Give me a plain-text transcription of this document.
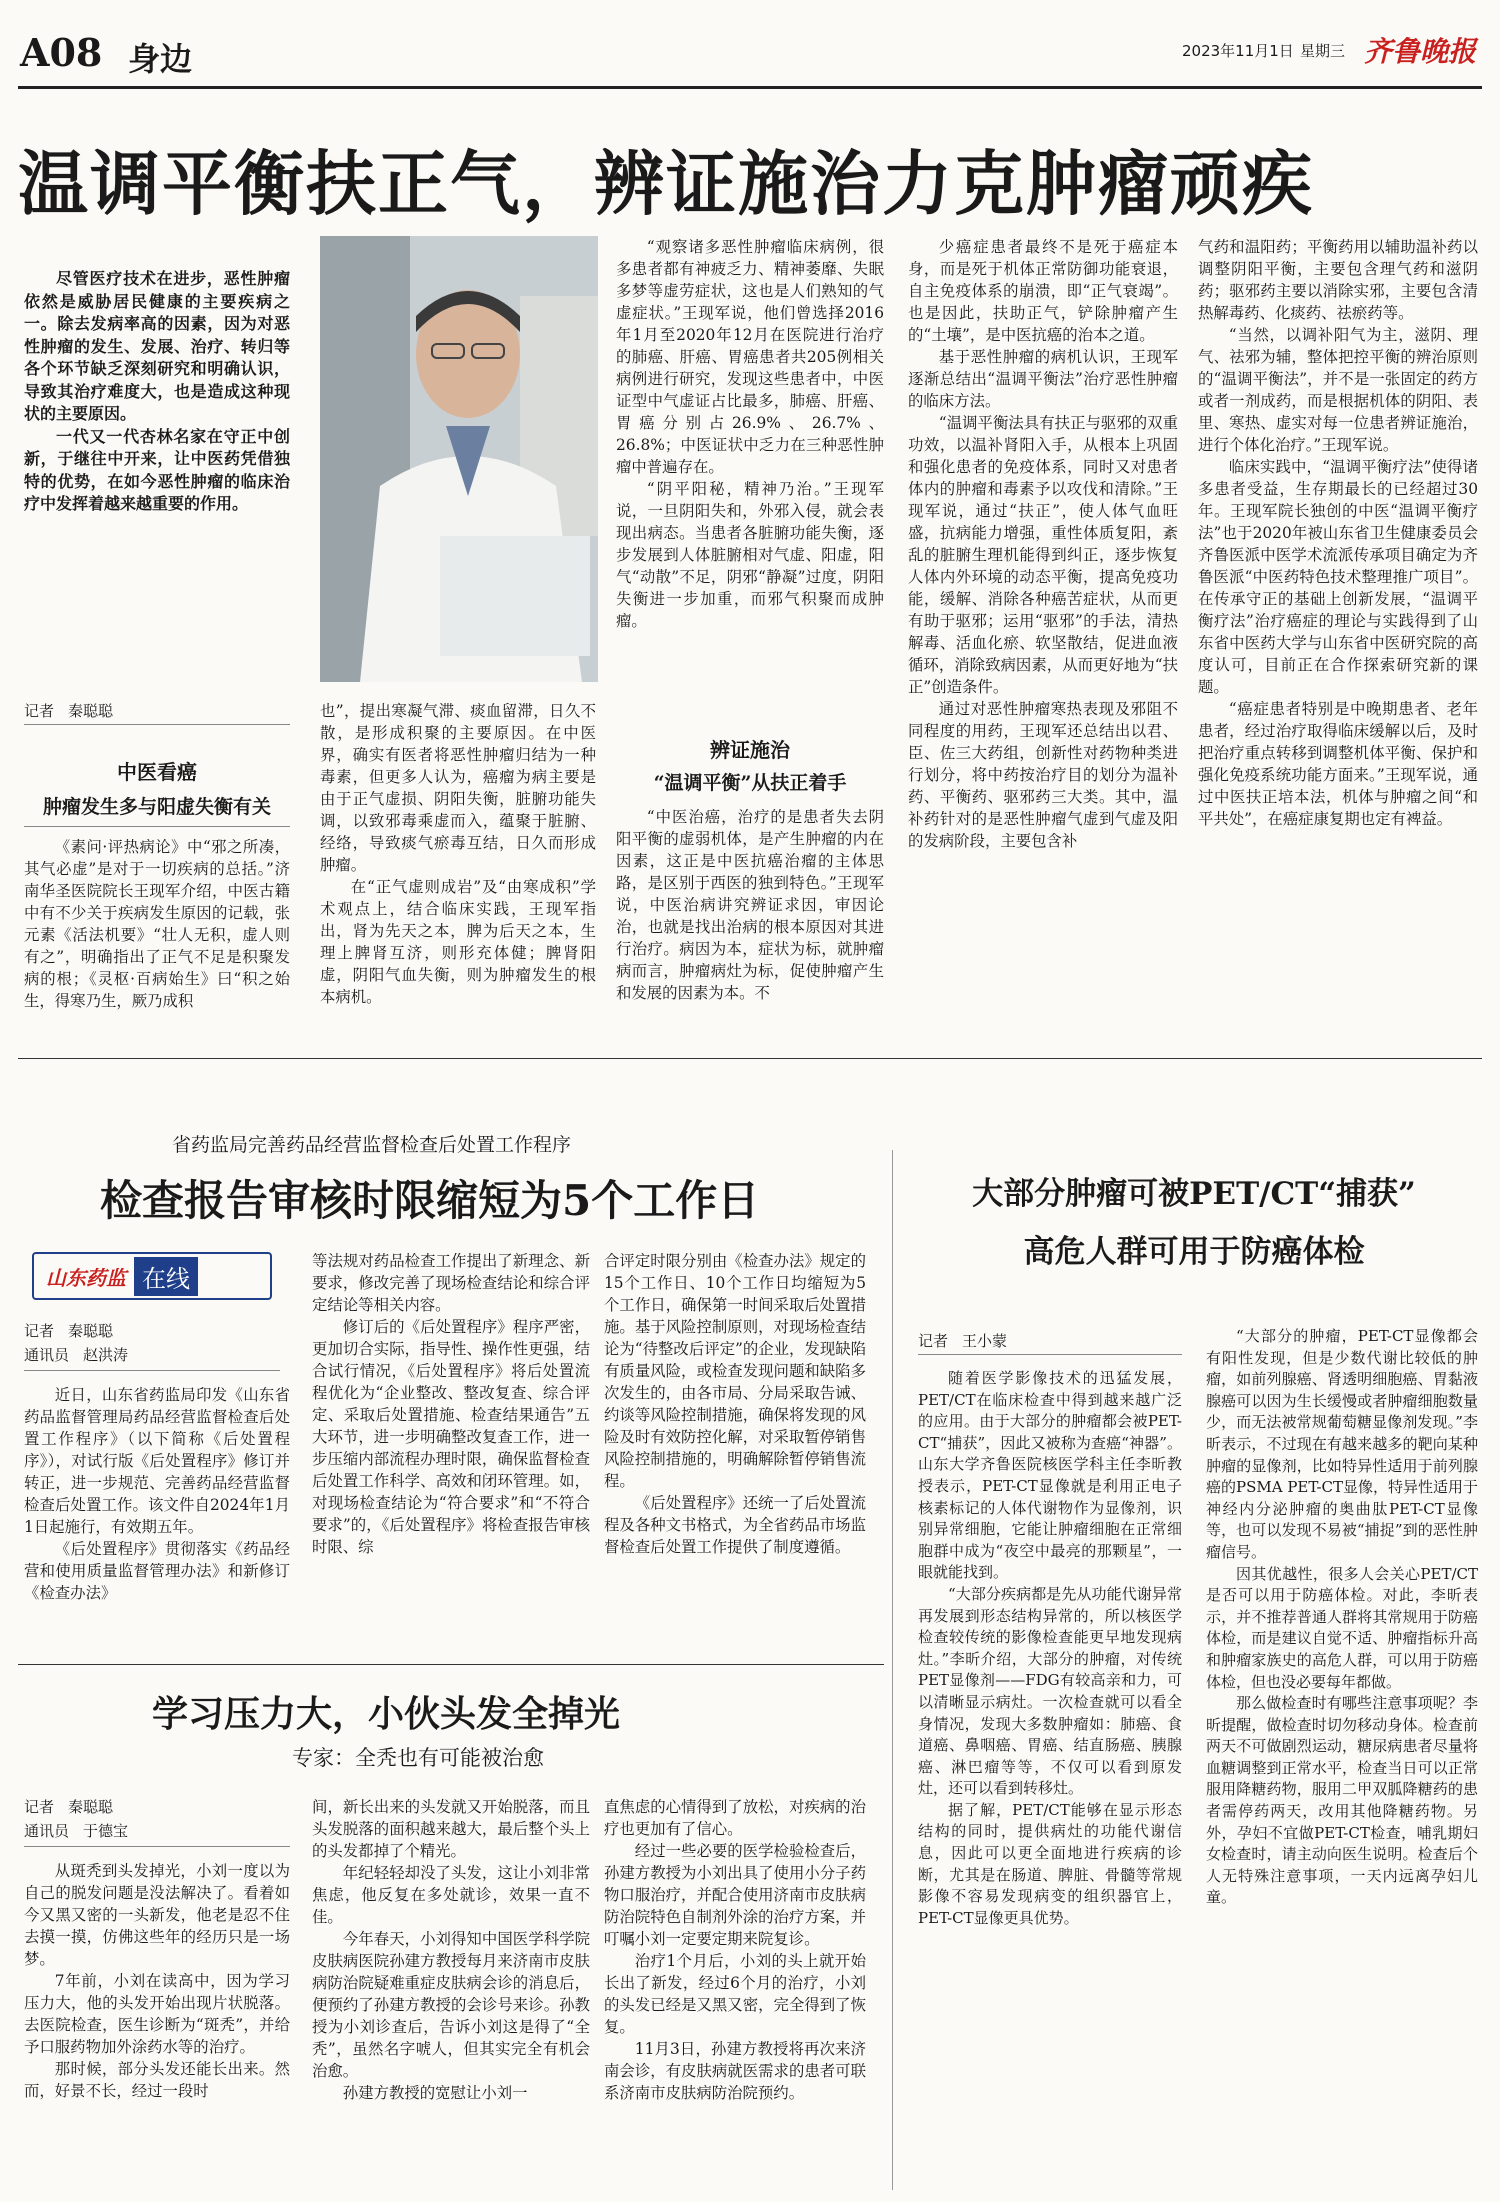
A08 身边	2023年11月1日 星期三 齐鲁晚报
温调平衡扶正气，辨证施治力克肿瘤顽疾

尽管医疗技术在进步，恶性肿瘤依然是威胁居民健康的主要疾病之一。除去发病率高的因素，因为对恶性肿瘤的发生、发展、治疗、转归等各个环节缺乏深刻研究和明确认识，导致其治疗难度大，也是造成这种现状的主要原因。

一代又一代杏林名家在守正中创新，于继往中开来，让中医药凭借独特的优势，在如今恶性肿瘤的临床治疗中发挥着越来越重要的作用。

“观察诸多恶性肿瘤临床病例，很多患者都有神疲乏力、精神萎靡、失眠多梦等虚劳症状，这也是人们熟知的气虚症状。”王现军说，他们曾选择2016年1月至2020年12月在医院进行治疗的肺癌、肝癌、胃癌患者共205例相关病例进行研究，发现这些患者中，中医证型中气虚证占比最多，肺癌、肝癌、胃癌分别占26.9%、26.7%、26.8%；中医证状中乏力在三种恶性肿瘤中普遍存在。

“阴平阳秘，精神乃治。”王现军说，一旦阴阳失和，外邪入侵，就会表现出病态。当患者各脏腑功能失衡，逐步发展到人体脏腑相对气虚、阳虚，阳气“动散”不足，阴邪“静凝”过度，阴阳失衡进一步加重，而邪气积聚而成肿瘤。

少癌症患者最终不是死于癌症本身，而是死于机体正常防御功能衰退，自主免疫体系的崩溃，即“正气衰竭”。也是因此，扶助正气，铲除肿瘤产生的“土壤”，是中医抗癌的治本之道。

基于恶性肿瘤的病机认识，王现军逐渐总结出“温调平衡法”治疗恶性肿瘤的临床方法。

“温调平衡法具有扶正与驱邪的双重功效，以温补肾阳入手，从根本上巩固和强化患者的免疫体系，同时又对患者体内的肿瘤和毒素予以攻伐和清除。”王现军说，通过“扶正”，使人体气血旺盛，抗病能力增强，重性体质复阳，紊乱的脏腑生理机能得到纠正，逐步恢复人体内外环境的动态平衡，提高免疫功能，缓解、消除各种癌苦症状，从而更有助于驱邪；运用“驱邪”的手法，清热解毒、活血化瘀、软坚散结，促进血液循环，消除致病因素，从而更好地为“扶正”创造条件。

通过对恶性肿瘤寒热表现及邪阻不同程度的用药，王现军还总结出以君、臣、佐三大药组，创新性对药物种类进行划分，将中药按治疗目的划分为温补药、平衡药、驱邪药三大类。其中，温补药针对的是恶性肿瘤气虚到气虚及阳的发病阶段，主要包含补

气药和温阳药；平衡药用以辅助温补药以调整阴阳平衡，主要包含理气药和滋阴药；驱邪药主要以消除实邪，主要包含清热解毒药、化痰药、祛瘀药等。

“当然，以调补阳气为主，滋阴、理气、祛邪为辅，整体把控平衡的辨治原则的“温调平衡法”，并不是一张固定的药方或者一剂成药，而是根据机体的阴阳、表里、寒热、虚实对每一位患者辨证施治，进行个体化治疗。”王现军说。

临床实践中，“温调平衡疗法”使得诸多患者受益，生存期最长的已经超过30年。王现军院长独创的中医“温调平衡疗法”也于2020年被山东省卫生健康委员会齐鲁医派中医学术流派传承项目确定为齐鲁医派“中医药特色技术整理推广项目”。在传承守正的基础上创新发展，“温调平衡疗法”治疗癌症的理论与实践得到了山东省中医药大学与山东省中医研究院的高度认可，目前正在合作探索研究新的课题。

“癌症患者特别是中晚期患者、老年患者，经过治疗取得临床缓解以后，及时把治疗重点转移到调整机体平衡、保护和强化免疫系统功能方面来。”王现军说，通过中医扶正培本法，机体与肿瘤之间“和平共处”，在癌症康复期也定有裨益。

记者 秦聪聪
中医看癌
肿瘤发生多与阳虚失衡有关

《素问·评热病论》中“邪之所凑，其气必虚”是对于一切疾病的总括。”济南华圣医院院长王现军介绍，中医古籍中有不少关于疾病发生原因的记载，张元素《活法机要》“壮人无积，虚人则有之”，明确指出了正气不足是积聚发病的根；《灵枢·百病始生》曰“积之始生，得寒乃生，厥乃成积

也”，提出寒凝气滞、痰血留滞，日久不散，是形成积聚的主要原因。在中医界，确实有医者将恶性肿瘤归结为一种毒素，但更多人认为，癌瘤为病主要是由于正气虚损、阴阳失衡，脏腑功能失调，以致邪毒乘虚而入，蕴聚于脏腑、经络，导致痰气瘀毒互结，日久而形成肿瘤。

在“正气虚则成岩”及“由寒成积”学术观点上，结合临床实践，王现军指出，肾为先天之本，脾为后天之本，生理上脾肾互济，则形充体健；脾肾阳虚，阴阳气血失衡，则为肿瘤发生的根本病机。

辨证施治
“温调平衡”从扶正着手

“中医治癌，治疗的是患者失去阴阳平衡的虚弱机体，是产生肿瘤的内在因素，这正是中医抗癌治瘤的主体思路，是区别于西医的独到特色。”王现军说，中医治病讲究辨证求因，审因论治，也就是找出治病的根本原因对其进行治疗。病因为本，症状为标，就肿瘤病而言，肿瘤病灶为标，促使肿瘤产生和发展的因素为本。不

省药监局完善药品经营监督检查后处置工作程序
检查报告审核时限缩短为5个工作日
山东药监 在线
记者 秦聪聪
通讯员 赵洪涛

近日，山东省药监局印发《山东省药品监督管理局药品经营监督检查后处置工作程序》（以下简称《后处置程序》），对试行版《后处置程序》修订并转正，进一步规范、完善药品经营监督检查后处置工作。该文件自2024年1月1日起施行，有效期五年。

《后处置程序》贯彻落实《药品经营和使用质量监督管理办法》和新修订《检查办法》

等法规对药品检查工作提出了新理念、新要求，修改完善了现场检查结论和综合评定结论等相关内容。

修订后的《后处置程序》程序严密，更加切合实际，指导性、操作性更强，结合试行情况，《后处置程序》将后处置流程优化为“企业整改、整改复查、综合评定、采取后处置措施、检查结果通告”五大环节，进一步明确整改复查工作，进一步压缩内部流程办理时限，确保监督检查后处置工作科学、高效和闭环管理。如，对现场检查结论为“符合要求”和“不符合要求”的，《后处置程序》将检查报告审核时限、综

合评定时限分别由《检查办法》规定的15个工作日、10个工作日均缩短为5个工作日，确保第一时间采取后处置措施。基于风险控制原则，对现场检查结论为“待整改后评定”的企业，发现缺陷有质量风险，或检查发现问题和缺陷多次发生的，由各市局、分局采取告诫、约谈等风险控制措施，确保将发现的风险及时有效防控化解，对采取暂停销售风险控制措施的，明确解除暂停销售流程。

《后处置程序》还统一了后处置流程及各种文书格式，为全省药品市场监督检查后处置工作提供了制度遵循。

大部分肿瘤可被PET/CT“捕获”
高危人群可用于防癌体检
记者 王小蒙

随着医学影像技术的迅猛发展，PET/CT在临床检查中得到越来越广泛的应用。由于大部分的肿瘤都会被PET-CT“捕获”，因此又被称为查癌“神器”。山东大学齐鲁医院核医学科主任李昕教授表示，PET-CT显像就是利用正电子核素标记的人体代谢物作为显像剂，识别异常细胞，它能让肿瘤细胞在正常细胞群中成为“夜空中最亮的那颗星”，一眼就能找到。

“大部分疾病都是先从功能代谢异常再发展到形态结构异常的，所以核医学检查较传统的影像检查能更早地发现病灶。”李昕介绍，大部分的肿瘤，对传统PET显像剂——FDG有较高亲和力，可以清晰显示病灶。一次检查就可以看全身情况，发现大多数肿瘤如：肺癌、食道癌、鼻咽癌、胃癌、结直肠癌、胰腺癌、淋巴瘤等等，不仅可以看到原发灶，还可以看到转移灶。

据了解，PET/CT能够在显示形态结构的同时，提供病灶的功能代谢信息，因此可以更全面地进行疾病的诊断，尤其是在肠道、脾脏、骨髓等常规影像不容易发现病变的组织器官上，PET-CT显像更具优势。

“大部分的肿瘤，PET-CT显像都会有阳性发现，但是少数代谢比较低的肿瘤，如前列腺癌、肾透明细胞癌、胃黏液腺癌可以因为生长缓慢或者肿瘤细胞数量少，而无法被常规葡萄糖显像剂发现。”李昕表示，不过现在有越来越多的靶向某种肿瘤的显像剂，比如特异性适用于前列腺癌的PSMA PET-CT显像，特异性适用于神经内分泌肿瘤的奥曲肽PET-CT显像等，也可以发现不易被“捕捉”到的恶性肿瘤信号。

因其优越性，很多人会关心PET/CT是否可以用于防癌体检。对此，李昕表示，并不推荐普通人群将其常规用于防癌体检，而是建议自觉不适、肿瘤指标升高和肿瘤家族史的高危人群，可以用于防癌体检，但也没必要每年都做。

那么做检查时有哪些注意事项呢？李昕提醒，做检查时切勿移动身体。检查前两天不可做剧烈运动，糖尿病患者尽量将血糖调整到正常水平，检查当日可以正常服用降糖药物，服用二甲双胍降糖药的患者需停药两天，改用其他降糖药物。另外，孕妇不宜做PET-CT检查，哺乳期妇女检查时，请主动向医生说明。检查后个人无特殊注意事项，一天内远离孕妇儿童。

学习压力大，小伙头发全掉光
专家：全秃也有可能被治愈
记者 秦聪聪
通讯员 于德宝

从斑秃到头发掉光，小刘一度以为自己的脱发问题是没法解决了。看着如今又黑又密的一头新发，他老是忍不住去摸一摸，仿佛这些年的经历只是一场梦。

7年前，小刘在读高中，因为学习压力大，他的头发开始出现片状脱落。去医院检查，医生诊断为“斑秃”，并给予口服药物加外涂药水等的治疗。

那时候，部分头发还能长出来。然而，好景不长，经过一段时

间，新长出来的头发就又开始脱落，而且头发脱落的面积越来越大，最后整个头上的头发都掉了个精光。

年纪轻轻却没了头发，这让小刘非常焦虑，他反复在多处就诊，效果一直不佳。

今年春天，小刘得知中国医学科学院皮肤病医院孙建方教授每月来济南市皮肤病防治院疑难重症皮肤病会诊的消息后，便预约了孙建方教授的会诊号来诊。孙教授为小刘诊查后，告诉小刘这是得了“全秃”，虽然名字唬人，但其实完全有机会治愈。

孙建方教授的宽慰让小刘一

直焦虑的心情得到了放松，对疾病的治疗也更加有了信心。

经过一些必要的医学检验检查后，孙建方教授为小刘出具了使用小分子药物口服治疗，并配合使用济南市皮肤病防治院特色自制剂外涂的治疗方案，并叮嘱小刘一定要定期来院复诊。

治疗1个月后，小刘的头上就开始长出了新发，经过6个月的治疗，小刘的头发已经是又黑又密，完全得到了恢复。

11月3日，孙建方教授将再次来济南会诊，有皮肤病就医需求的患者可联系济南市皮肤病防治院预约。
